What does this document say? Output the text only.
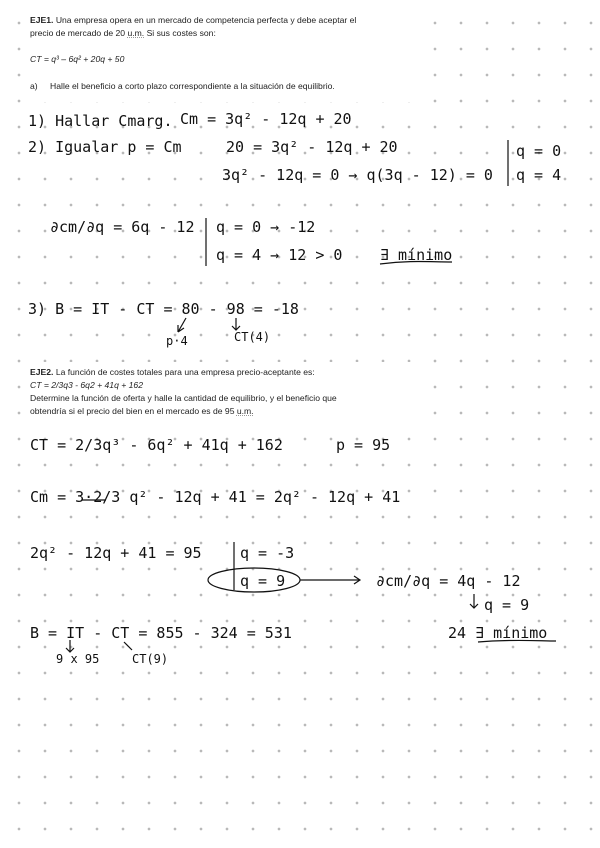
EJE1. Una empresa opera en un mercado de competencia perfecta y debe aceptar el

precio de mercado de 20 u.m. Si sus costes son:

CT = q³ – 6q² + 20q + 50

a) Halle el beneficio a corto plazo correspondiente a la situación de equilibrio.

1) Hallar Cmarg. Cm = 3q² - 12q + 20
2) Igualar p = Cm	20 = 3q² - 12q + 20
3q² - 12q = 0 → q(3q - 12) = 0
q = 0
q = 4
∂cm/∂q = 6q - 12 q = 0 → -12
q = 4 → 12 > 0	∃ mínimo
3) B = IT - CT = 80 - 98 = -18
p·4	CT(4)

EJE2. La función de costes totales para una empresa precio-aceptante es:

CT = 2/3q3 - 6q2 + 41q + 162

Determine la función de oferta y halle la cantidad de equilibrio, y el beneficio que

obtendría si el precio del bien en el mercado es de 95 u.m.

CT = 2/3q³ - 6q² + 41q + 162	p = 95
Cm = 3·2/3 q² - 12q + 41 = 2q² - 12q + 41
2q² - 12q + 41 = 95	q = -3
q = 9	∂cm/∂q = 4q - 12
q = 9
24 ∃ mínimo
B = IT - CT = 855 - 324 = 531
9 x 95	CT(9)
